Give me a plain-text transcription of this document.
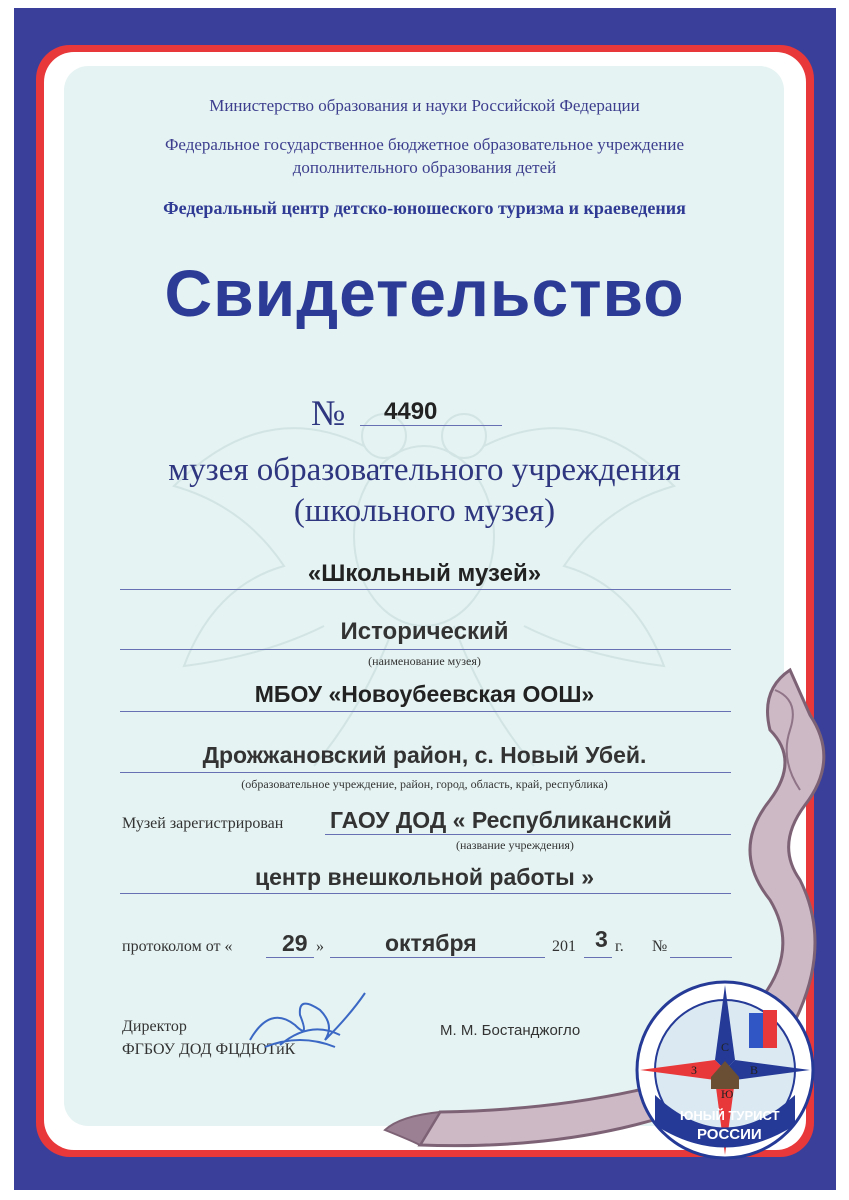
Министерство образования и науки Российской Федерации
Федеральное государственное бюджетное образовательное учреждение
дополнительного образования детей
Федеральный центр детско-юношеского туризма и краеведения
Свидетельство
№ 4490
музея образовательного учреждения
(школьного музея)
«Школьный музей»
Исторический
(наименование музея)
МБОУ «Новоубеевская ООШ»
Дрожжановский район, с. Новый Убей.
(образовательное учреждение, район, город, область, край, республика)
Музей зарегистрирован ГАОУ ДОД « Республиканский
(название учреждения)
центр внешкольной работы »
протоколом от « 29 »	октября	201 3 г. №
Директор
ФГБОУ ДОД ФЦДЮТиК
М. М. Бостанджогло
С
З	В
Ю
ЮНЫЙ ТУРИСТ
РОССИИ
